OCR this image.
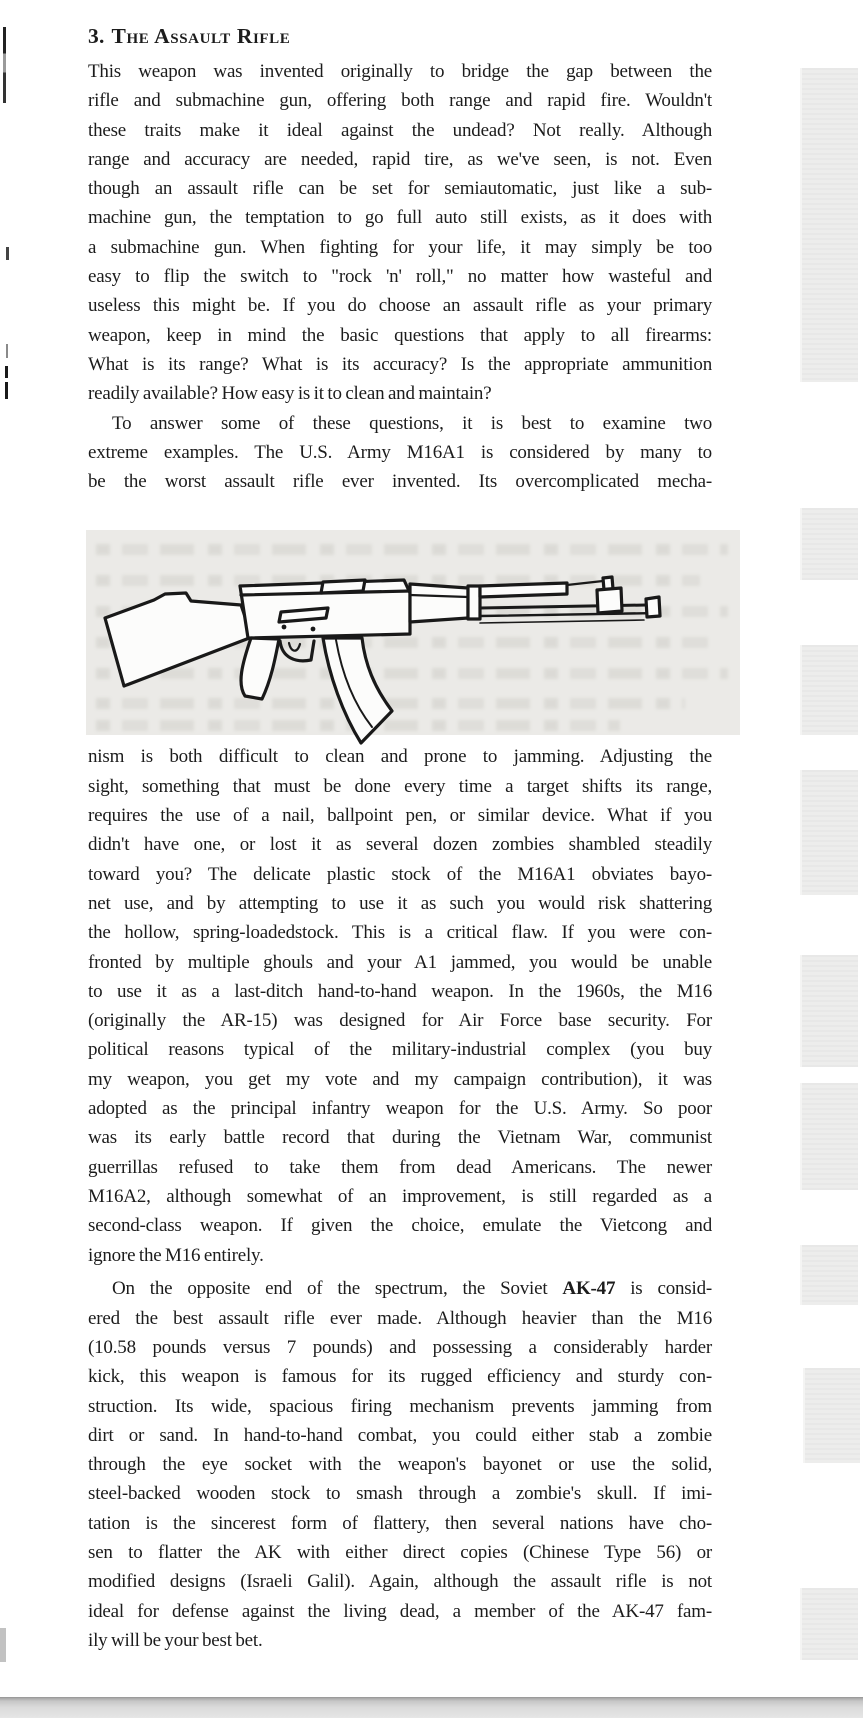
3. The Assault Rifle
This weapon was invented originally to bridge the gap between the
rifle and submachine gun, offering both range and rapid fire. Wouldn't
these traits make it ideal against the undead? Not really. Although
range and accuracy are needed, rapid tire, as we've seen, is not. Even
though an assault rifle can be set for semiautomatic, just like a sub-
machine gun, the temptation to go full auto still exists, as it does with
a submachine gun. When fighting for your life, it may simply be too
easy to flip the switch to "rock 'n' roll," no matter how wasteful and
useless this might be. If you do choose an assault rifle as your primary
weapon, keep in mind the basic questions that apply to all firearms:
What is its range? What is its accuracy? Is the appropriate ammunition
readily available? How easy is it to clean and maintain?
To answer some of these questions, it is best to examine two
extreme examples. The U.S. Army M16A1 is considered by many to
be the worst assault rifle ever invented. Its overcomplicated mecha-
nism is both difficult to clean and prone to jamming. Adjusting the
sight, something that must be done every time a target shifts its range,
requires the use of a nail, ballpoint pen, or similar device. What if you
didn't have one, or lost it as several dozen zombies shambled steadily
toward you? The delicate plastic stock of the M16A1 obviates bayo-
net use, and by attempting to use it as such you would risk shattering
the hollow, spring-loadedstock. This is a critical flaw. If you were con-
fronted by multiple ghouls and your A1 jammed, you would be unable
to use it as a last-ditch hand-to-hand weapon. In the 1960s, the M16
(originally the AR-15) was designed for Air Force base security. For
political reasons typical of the military-industrial complex (you buy
my weapon, you get my vote and my campaign contribution), it was
adopted as the principal infantry weapon for the U.S. Army. So poor
was its early battle record that during the Vietnam War, communist
guerrillas refused to take them from dead Americans. The newer
M16A2, although somewhat of an improvement, is still regarded as a
second-class weapon. If given the choice, emulate the Vietcong and
ignore the M16 entirely.
On the opposite end of the spectrum, the Soviet AK-47 is consid-
ered the best assault rifle ever made. Although heavier than the M16
(10.58 pounds versus 7 pounds) and possessing a considerably harder
kick, this weapon is famous for its rugged efficiency and sturdy con-
struction. Its wide, spacious firing mechanism prevents jamming from
dirt or sand. In hand-to-hand combat, you could either stab a zombie
through the eye socket with the weapon's bayonet or use the solid,
steel-backed wooden stock to smash through a zombie's skull. If imi-
tation is the sincerest form of flattery, then several nations have cho-
sen to flatter the AK with either direct copies (Chinese Type 56) or
modified designs (Israeli Galil). Again, although the assault rifle is not
ideal for defense against the living dead, a member of the AK-47 fam-
ily will be your best bet.
